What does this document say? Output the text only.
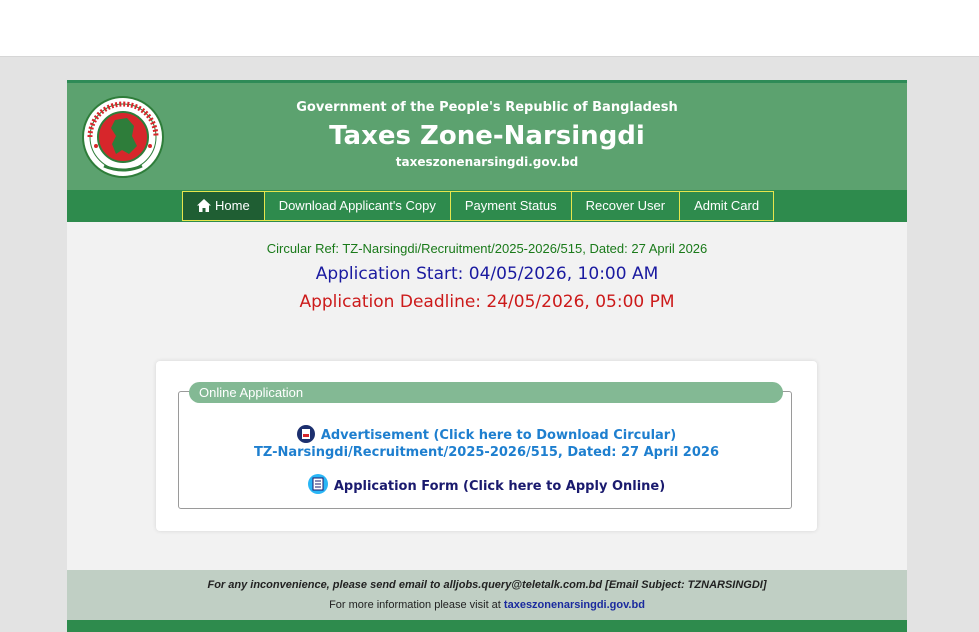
Government of the People's Republic of Bangladesh
Taxes Zone-Narsingdi
taxeszonenarsingdi.gov.bd
Home	Download Applicant's Copy	Payment Status	Recover User	Admit Card
Circular Ref: TZ-Narsingdi/Recruitment/2025-2026/515, Dated: 27 April 2026
Application Start: 04/05/2026, 10:00 AM
Application Deadline: 24/05/2026, 05:00 PM
Online Application
Advertisement (Click here to Download Circular)
TZ-Narsingdi/Recruitment/2025-2026/515, Dated: 27 April 2026
Application Form (Click here to Apply Online)
For any inconvenience, please send email to alljobs.query@teletalk.com.bd [Email Subject: TZNARSINGDI]
For more information please visit at taxeszonenarsingdi.gov.bd
